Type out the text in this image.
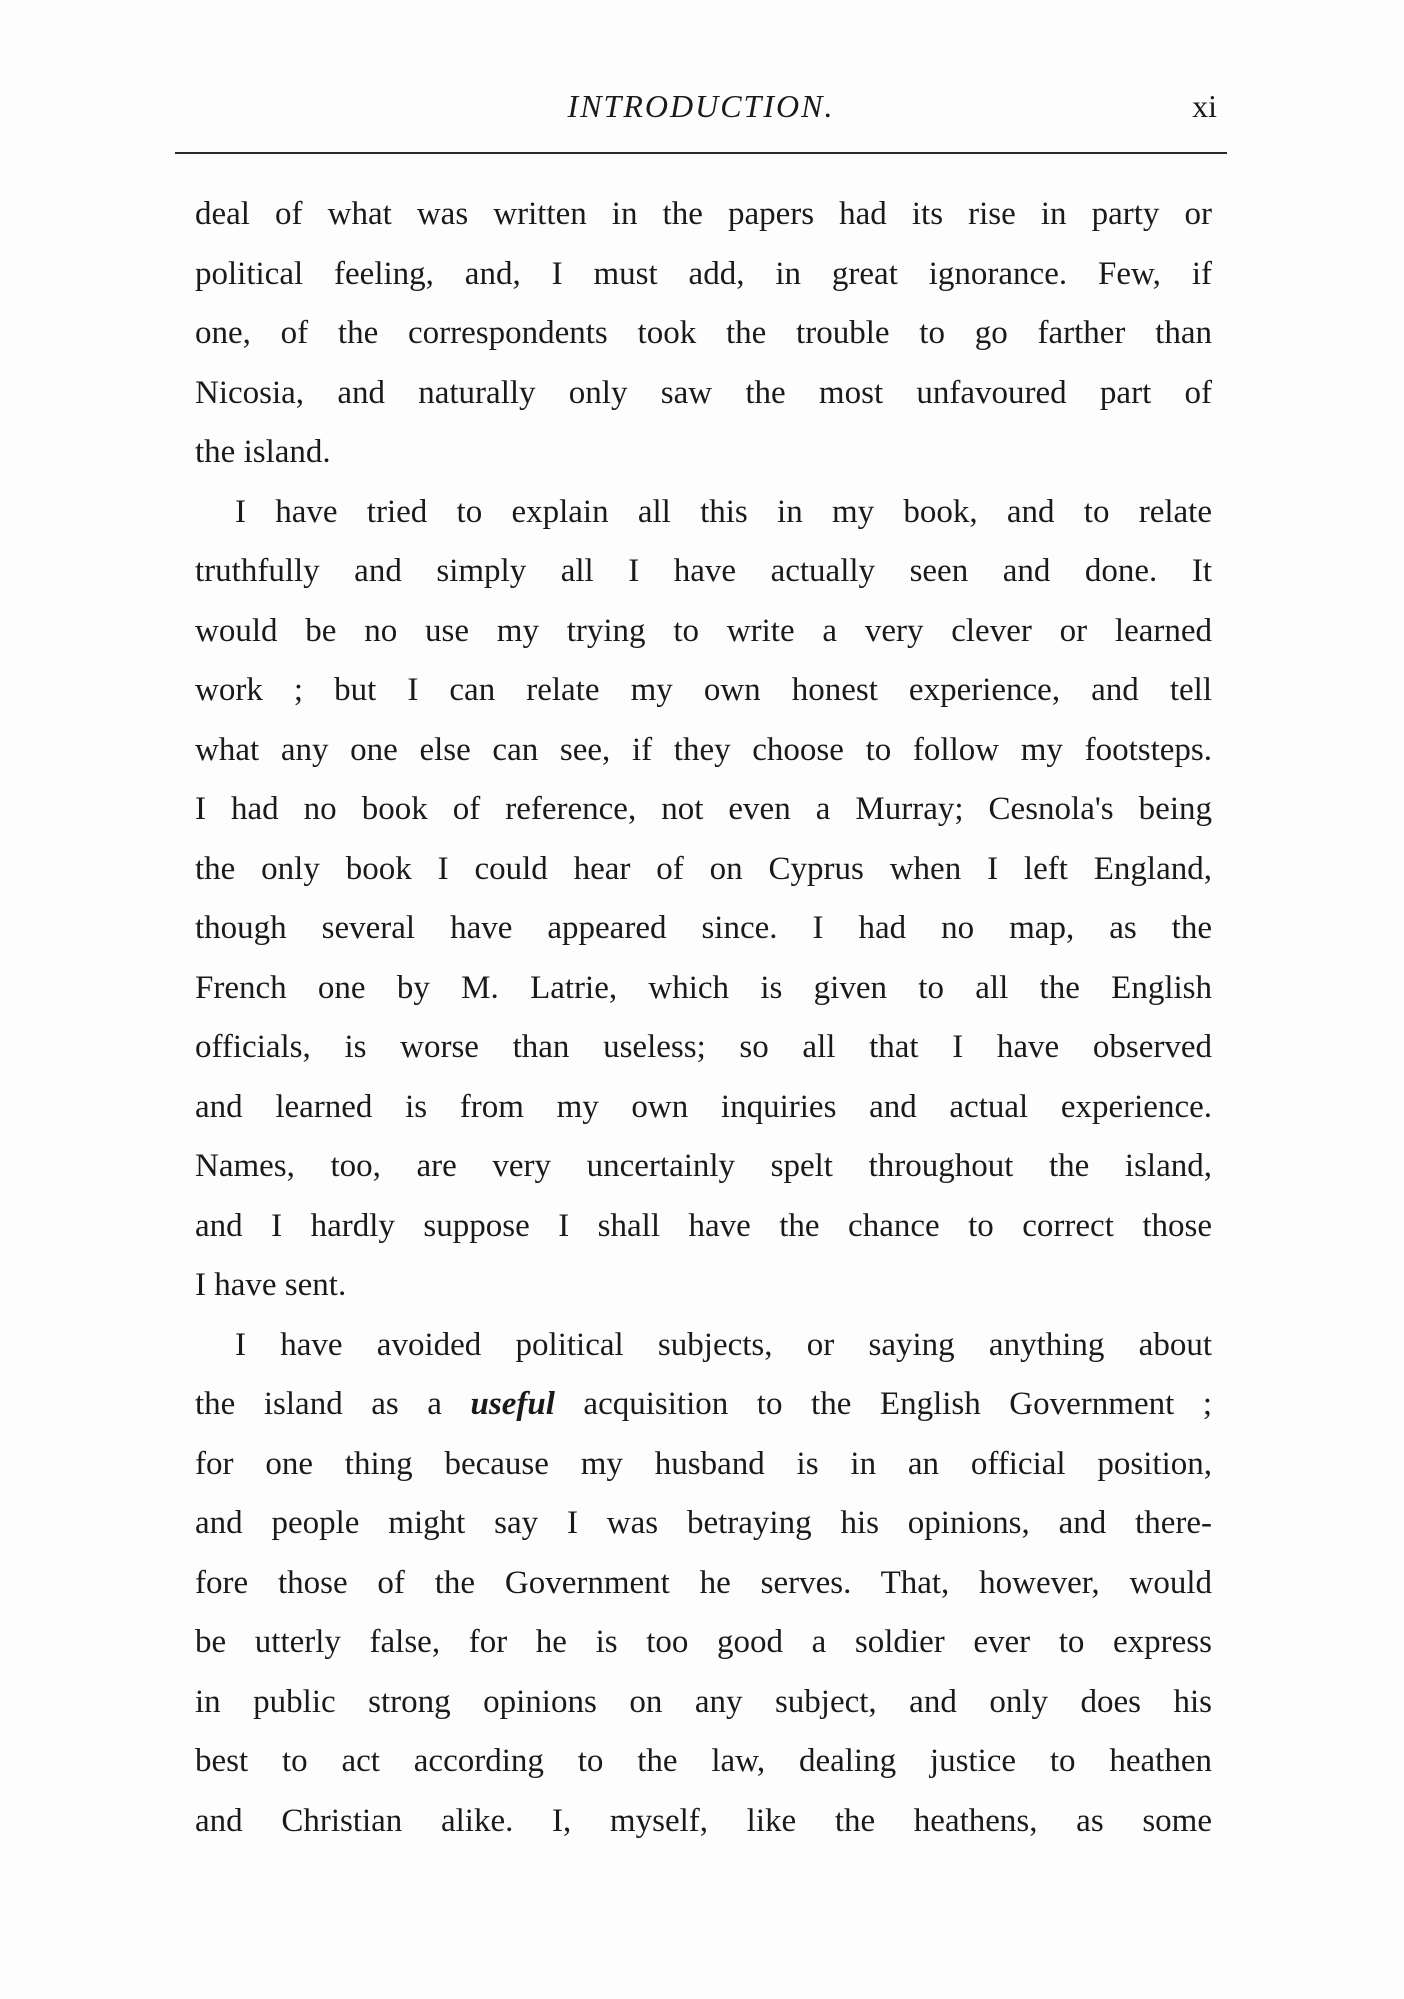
INTRODUCTION.	xi
deal of what was written in the papers had its rise in party or
political feeling, and, I must add, in great ignorance. Few, if
one, of the correspondents took the trouble to go farther than
Nicosia, and naturally only saw the most unfavoured part of
the island.
I have tried to explain all this in my book, and to relate
truthfully and simply all I have actually seen and done. It
would be no use my trying to write a very clever or learned
work ; but I can relate my own honest experience, and tell
what any one else can see, if they choose to follow my footsteps.
I had no book of reference, not even a Murray; Cesnola's being
the only book I could hear of on Cyprus when I left England,
though several have appeared since. I had no map, as the
French one by M. Latrie, which is given to all the English
officials, is worse than useless; so all that I have observed
and learned is from my own inquiries and actual experience.
Names, too, are very uncertainly spelt throughout the island,
and I hardly suppose I shall have the chance to correct those
I have sent.
I have avoided political subjects, or saying anything about
the island as a useful acquisition to the English Government ;
for one thing because my husband is in an official position,
and people might say I was betraying his opinions, and there-
fore those of the Government he serves. That, however, would
be utterly false, for he is too good a soldier ever to express
in public strong opinions on any subject, and only does his
best to act according to the law, dealing justice to heathen
and Christian alike. I, myself, like the heathens, as some
